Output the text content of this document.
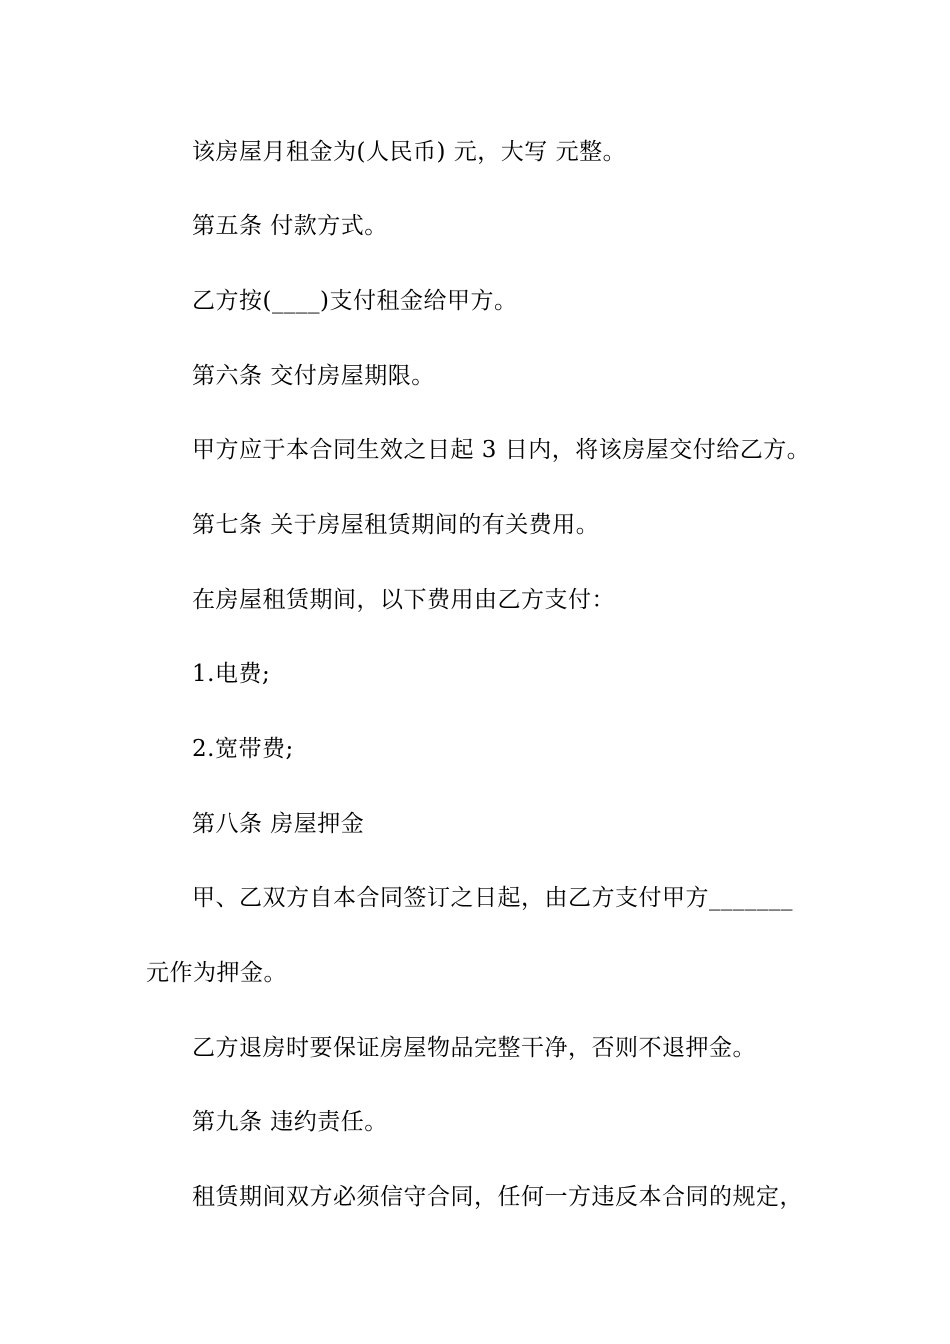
该房屋月租金为(人民币) 元，大写 元整。
第五条 付款方式。
乙方按(____)支付租金给甲方。
第六条 交付房屋期限。
甲方应于本合同生效之日起 3 日内，将该房屋交付给乙方。
第七条 关于房屋租赁期间的有关费用。
在房屋租赁期间，以下费用由乙方支付：
1.电费;
2.宽带费;
第八条 房屋押金
甲、乙双方自本合同签订之日起，由乙方支付甲方_______
元作为押金。
乙方退房时要保证房屋物品完整干净，否则不退押金。
第九条 违约责任。
租赁期间双方必须信守合同，任何一方违反本合同的规定，
